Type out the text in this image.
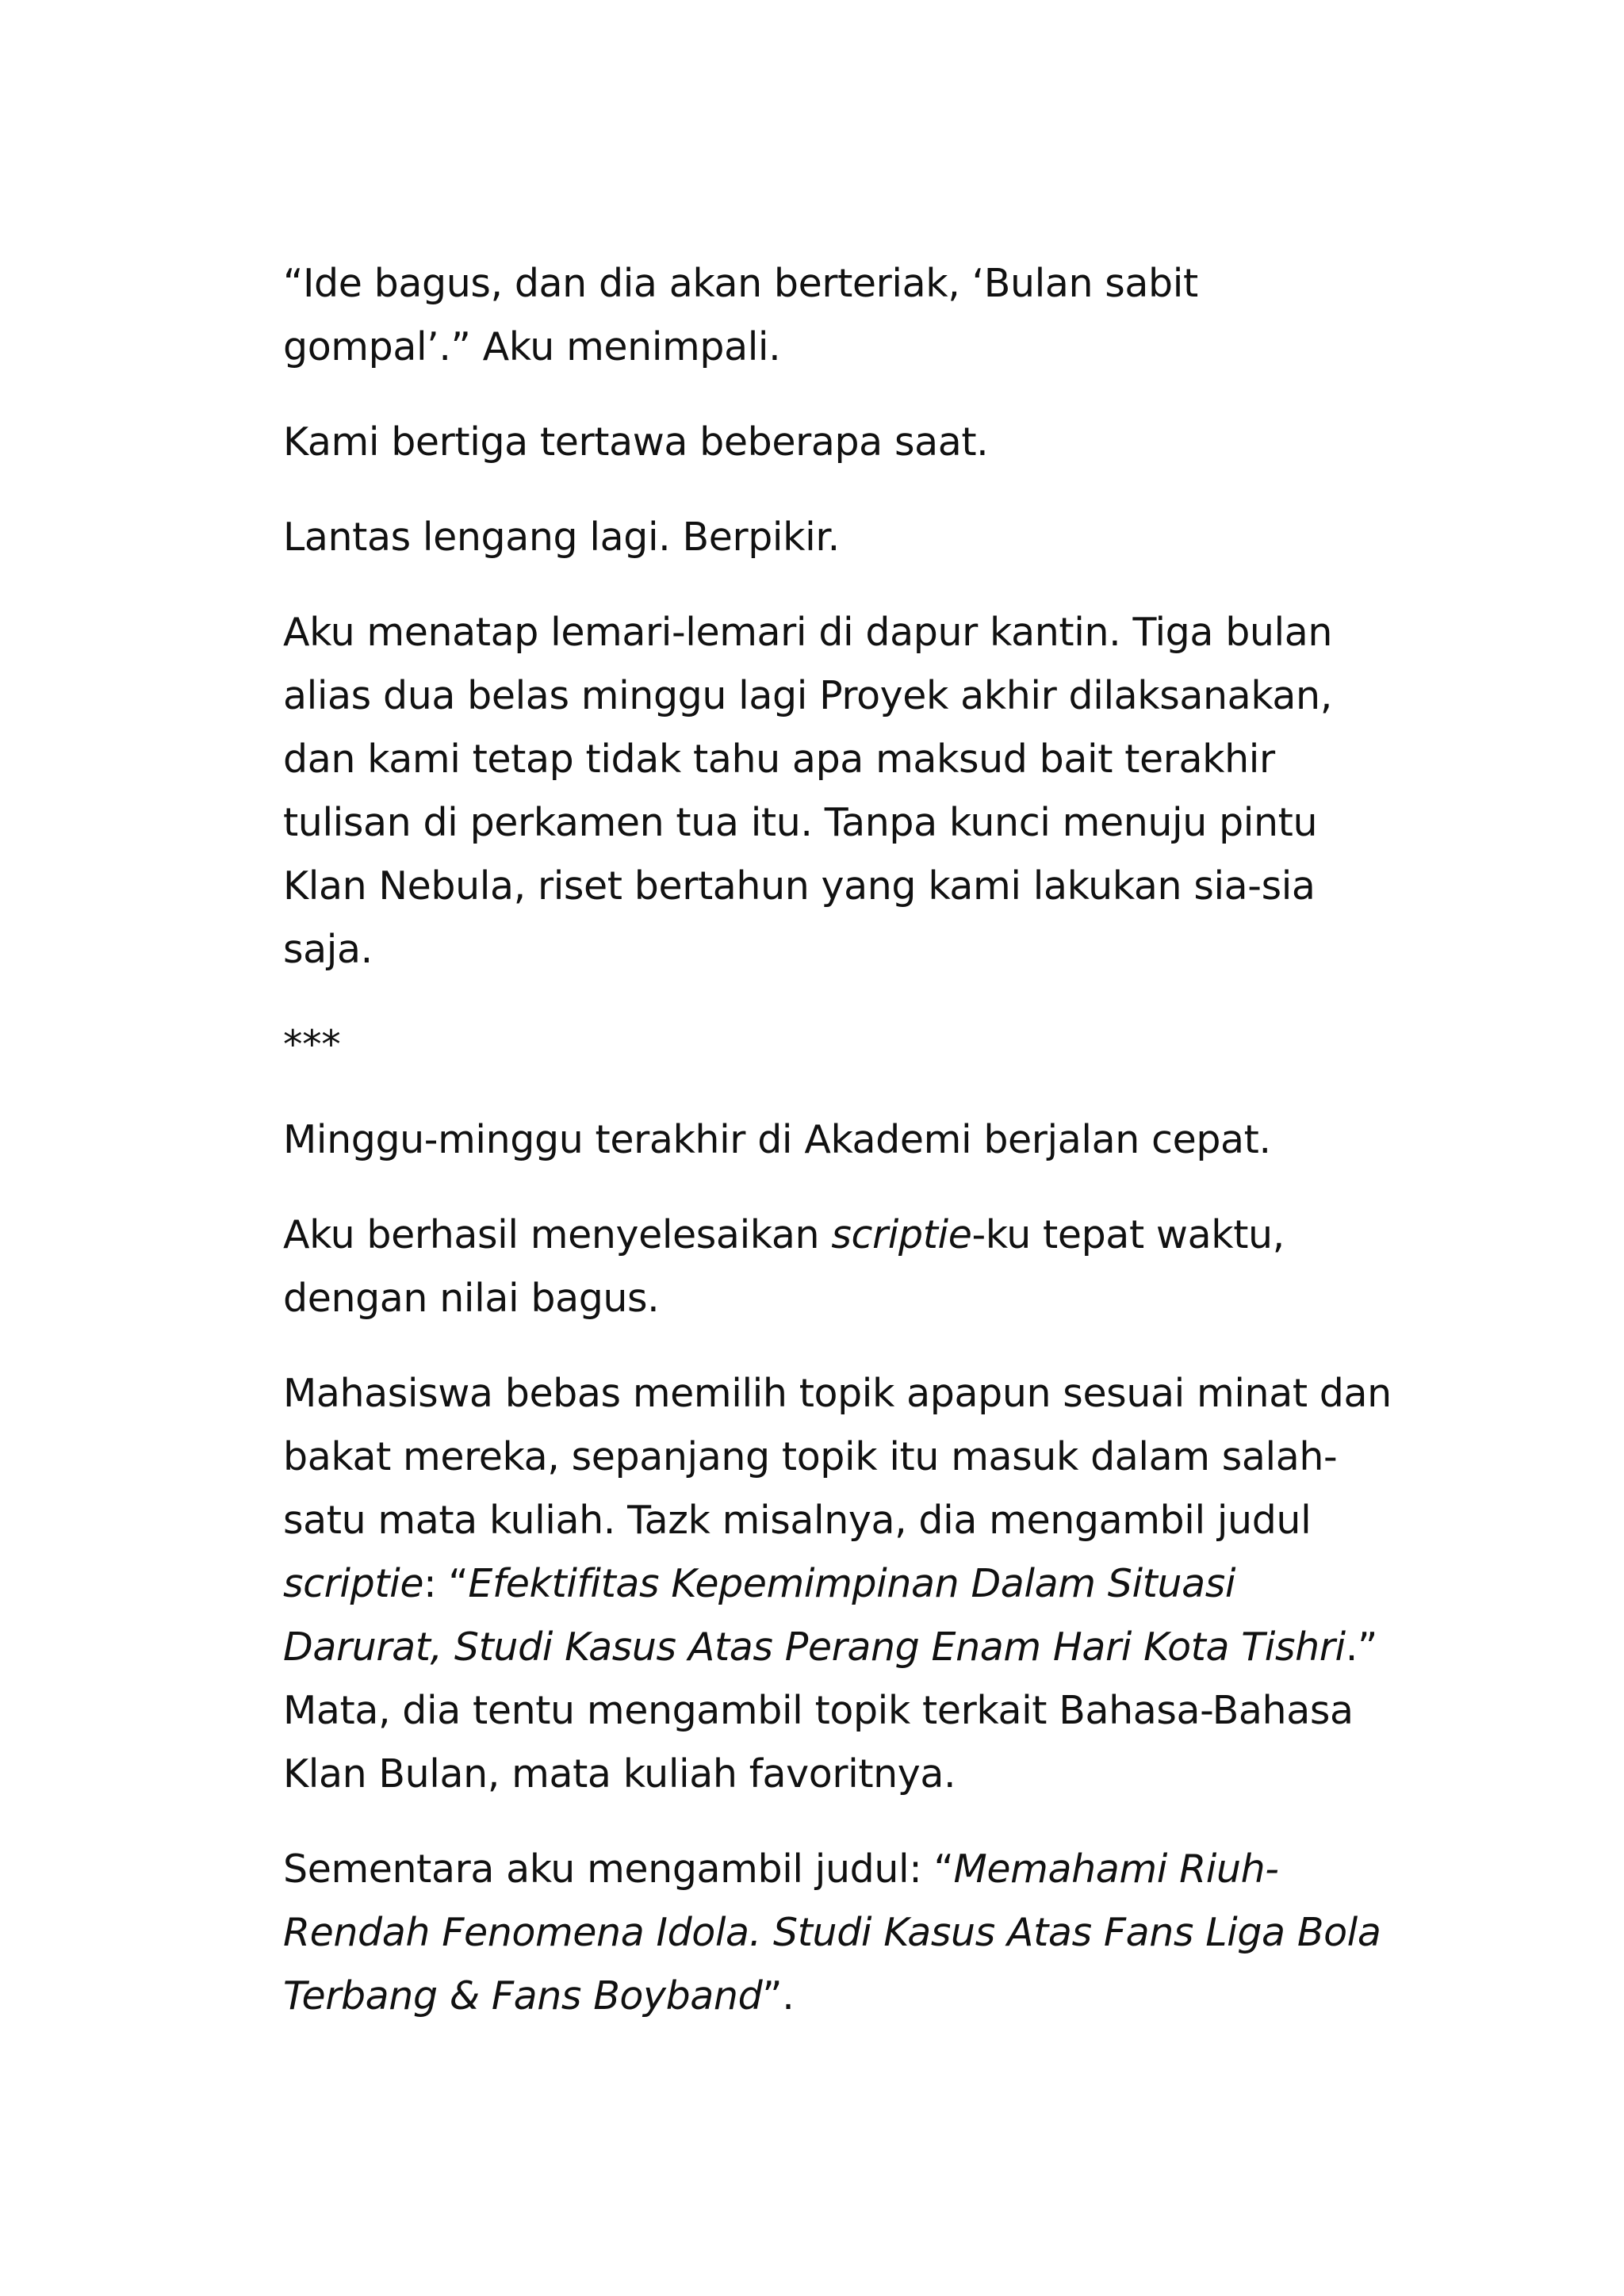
“Ide bagus, dan dia akan berteriak, ‘Bulan sabit gompal’.” Aku menimpali.

Kami bertiga tertawa beberapa saat.

Lantas lengang lagi. Berpikir.

Aku menatap lemari-lemari di dapur kantin. Tiga bulan alias dua belas minggu lagi Proyek akhir dilaksanakan, dan kami tetap tidak tahu apa maksud bait terakhir tulisan di perkamen tua itu. Tanpa kunci menuju pintu Klan Nebula, riset bertahun yang kami lakukan sia-sia saja.

***

Minggu-minggu terakhir di Akademi berjalan cepat.

Aku berhasil menyelesaikan scriptie-ku tepat waktu, dengan nilai bagus.

Mahasiswa bebas memilih topik apapun sesuai minat dan bakat mereka, sepanjang topik itu masuk dalam salah-satu mata kuliah. Tazk misalnya, dia mengambil judul scriptie: “Efektifitas Kepemimpinan Dalam Situasi Darurat, Studi Kasus Atas Perang Enam Hari Kota Tishri.” Mata, dia tentu mengambil topik terkait Bahasa-Bahasa Klan Bulan, mata kuliah favoritnya.

Sementara aku mengambil judul: “Memahami Riuh-Rendah Fenomena Idola. Studi Kasus Atas Fans Liga Bola Terbang & Fans Boyband”.
